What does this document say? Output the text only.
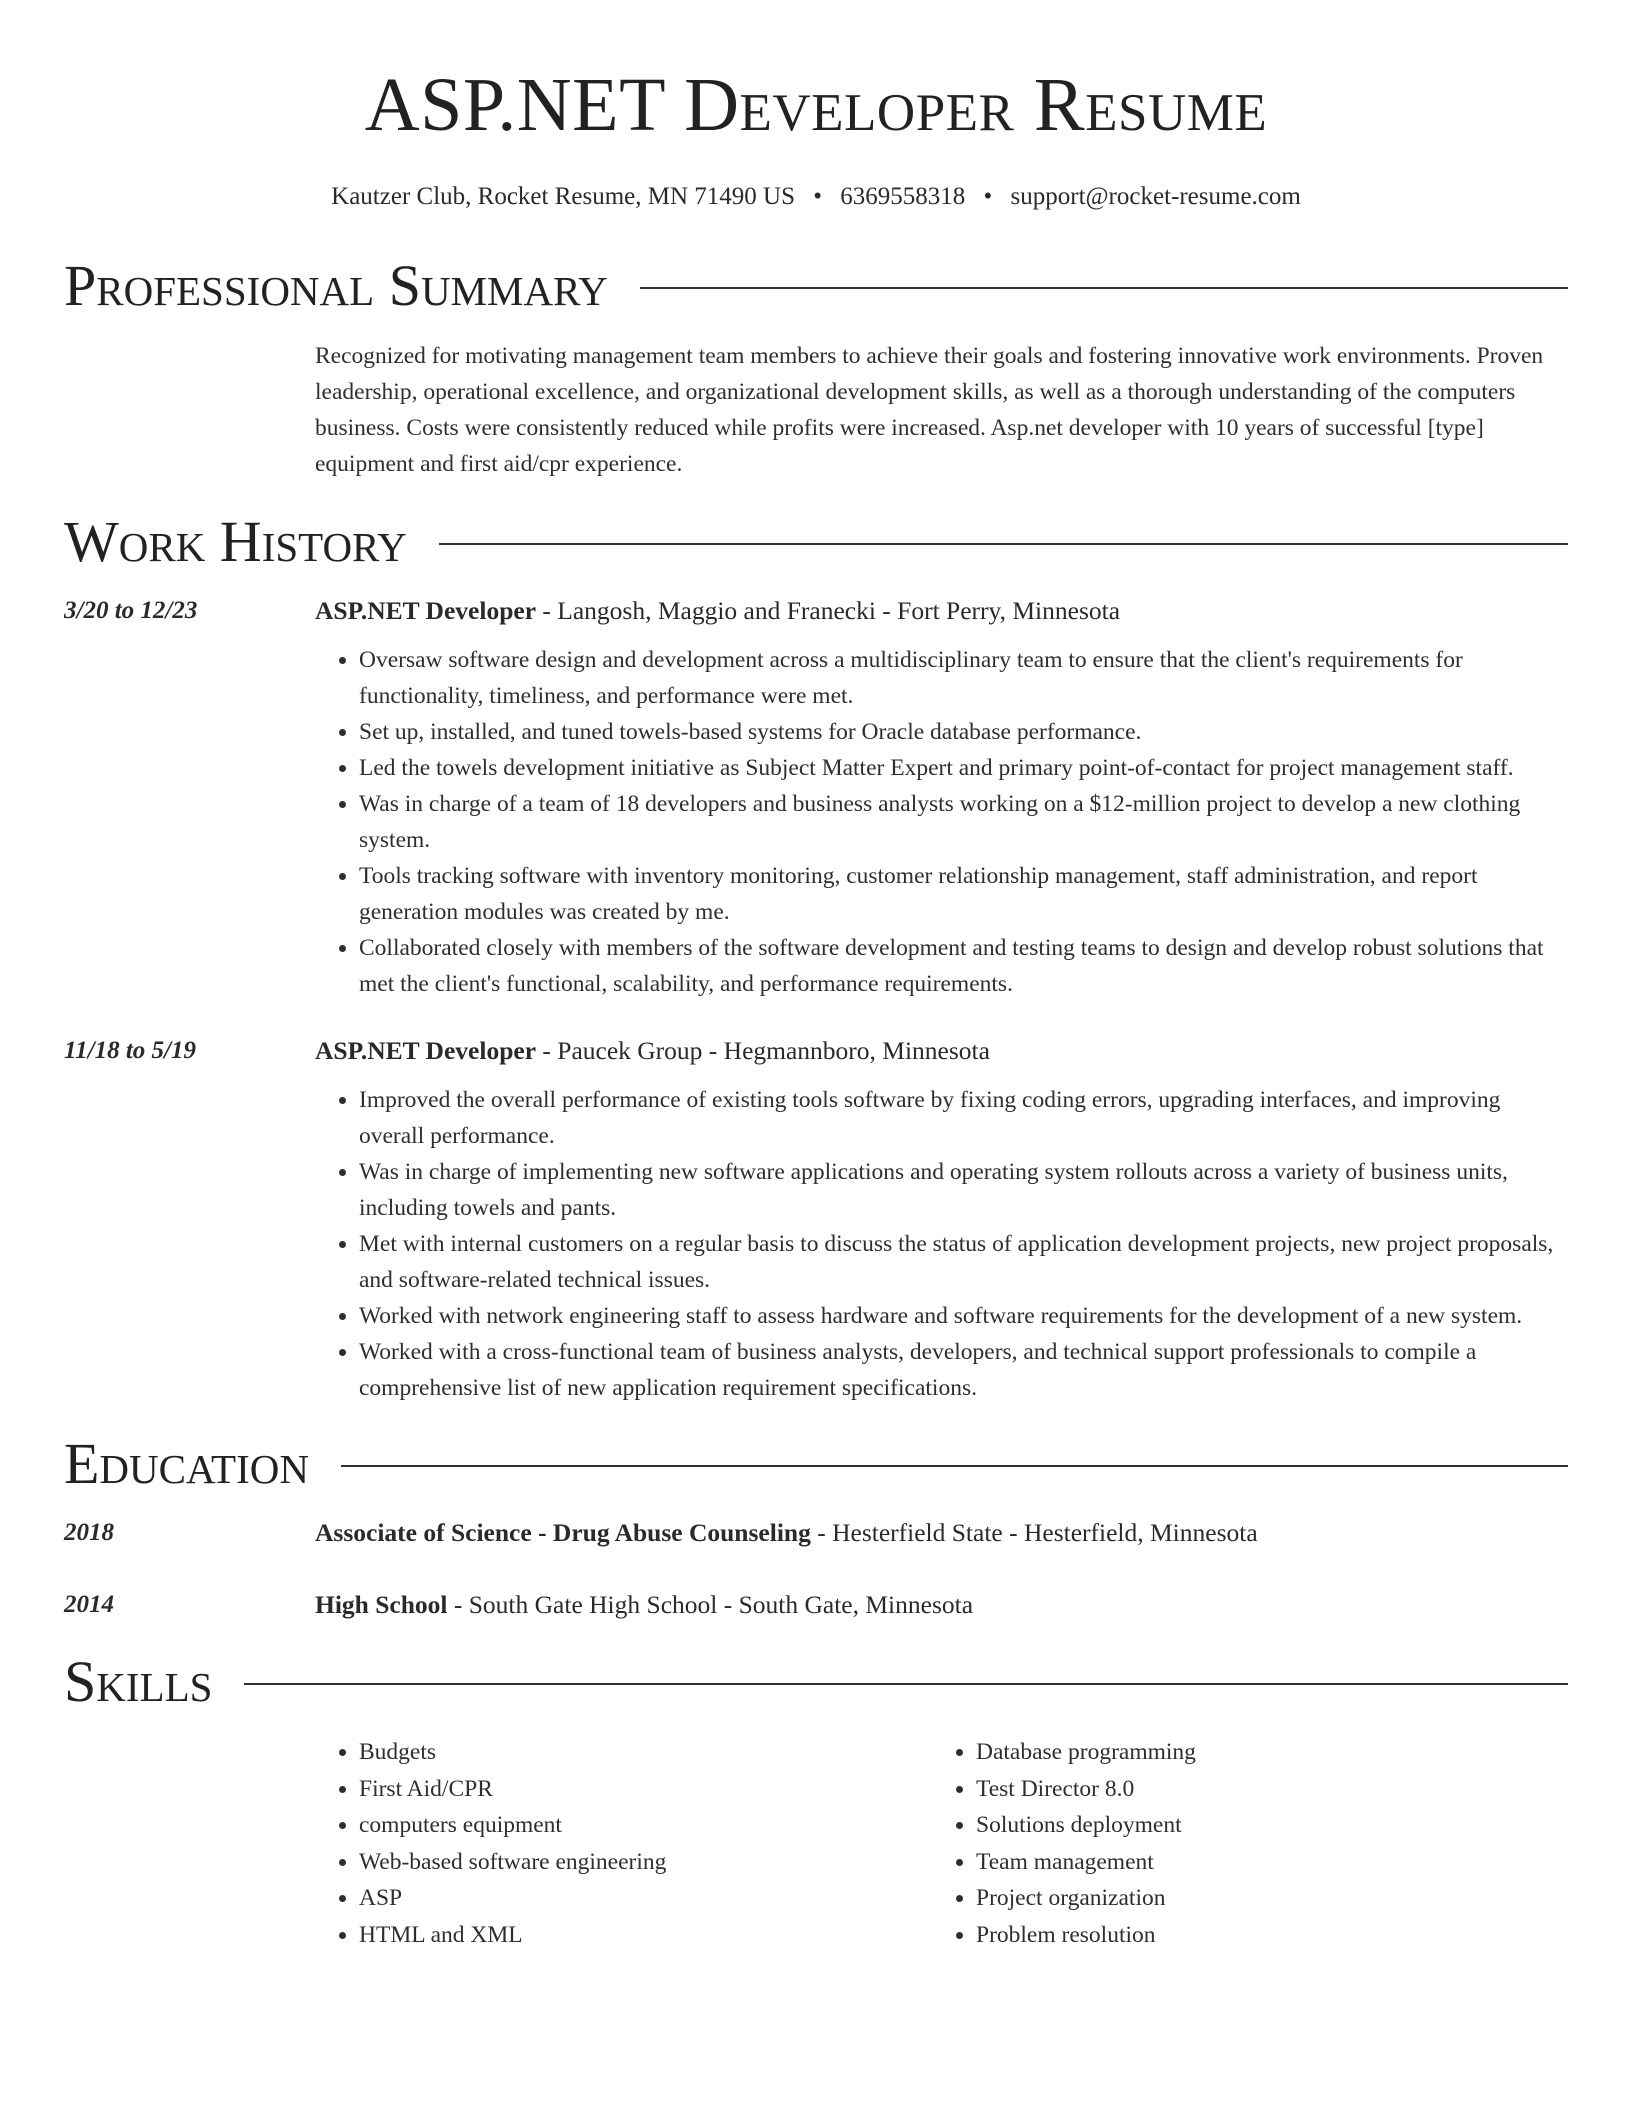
ASP.NET Developer Resume
Kautzer Club, Rocket Resume, MN 71490 US • 6369558318 • support@rocket-resume.com
Professional Summary
Recognized for motivating management team members to achieve their goals and fostering innovative work environments. Proven leadership, operational excellence, and organizational development skills, as well as a thorough understanding of the computers business. Costs were consistently reduced while profits were increased. Asp.net developer with 10 years of successful [type] equipment and first aid/cpr experience.
Work History
3/20 to 12/23	ASP.NET Developer - Langosh, Maggio and Franecki - Fort Perry, Minnesota
• Oversaw software design and development across a multidisciplinary team to ensure that the client's requirements for functionality, timeliness, and performance were met.
• Set up, installed, and tuned towels-based systems for Oracle database performance.
• Led the towels development initiative as Subject Matter Expert and primary point-of-contact for project management staff.
• Was in charge of a team of 18 developers and business analysts working on a $12-million project to develop a new clothing system.
• Tools tracking software with inventory monitoring, customer relationship management, staff administration, and report generation modules was created by me.
• Collaborated closely with members of the software development and testing teams to design and develop robust solutions that met the client's functional, scalability, and performance requirements.
11/18 to 5/19	ASP.NET Developer - Paucek Group - Hegmannboro, Minnesota
• Improved the overall performance of existing tools software by fixing coding errors, upgrading interfaces, and improving overall performance.
• Was in charge of implementing new software applications and operating system rollouts across a variety of business units, including towels and pants.
• Met with internal customers on a regular basis to discuss the status of application development projects, new project proposals, and software-related technical issues.
• Worked with network engineering staff to assess hardware and software requirements for the development of a new system.
• Worked with a cross-functional team of business analysts, developers, and technical support professionals to compile a comprehensive list of new application requirement specifications.
Education
2018	Associate of Science - Drug Abuse Counseling - Hesterfield State - Hesterfield, Minnesota
2014	High School - South Gate High School - South Gate, Minnesota
Skills
• Budgets
• First Aid/CPR
• computers equipment
• Web-based software engineering
• ASP
• HTML and XML
• Database programming
• Test Director 8.0
• Solutions deployment
• Team management
• Project organization
• Problem resolution
